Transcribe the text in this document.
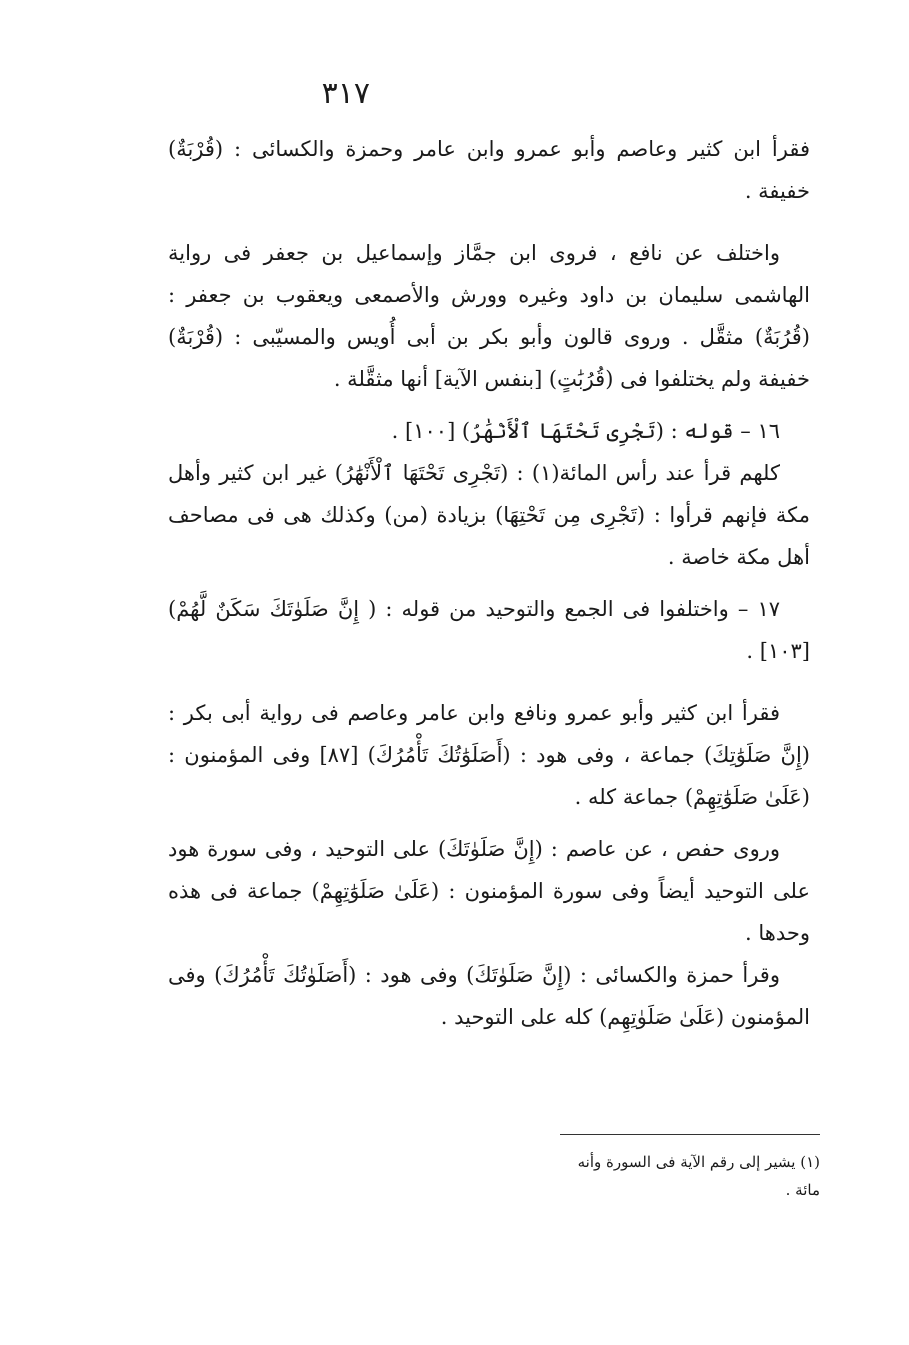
٣١٧

فقرأ ابن كثير وعاصم وأبو عمرو وابن عامر وحمزة والكسائى : (قُرْبَةٌ) خفيفة .

واختلف عن نافع ، فروى ابن جمَّاز وإسماعيل بن جعفر فى رواية الهاشمى سليمان بن داود وغيره وورش والأصمعى ويعقوب بن جعفر : (قُرُبَةٌ) مثقَّل . وروى قالون وأبو بكر بن أبى أُويس والمسيّبى : (قُرْبَةٌ) خفيفة ولم يختلفوا فى (قُرُبَٰتٍ) [بنفس الآية] أنها مثقَّلة .

١٦ – قوله : (تَجْرِى تَحْتَهَا ٱلْأَنْهَٰرُ) [١٠٠] .

كلهم قرأ عند رأس المائة(١) : (تَجْرِى تَحْتَهَا ٱلْأَنْهَٰرُ) غير ابن كثير وأهل مكة فإنهم قرأوا : (تَجْرِى مِن تَحْتِهَا) بزيادة (من) وكذلك هى فى مصاحف أهل مكة خاصة .

١٧ – واختلفوا فى الجمع والتوحيد من قوله : ( إِنَّ صَلَوٰتَكَ سَكَنٌ لَّهُمْ) [١٠٣] .

فقرأ ابن كثير وأبو عمرو ونافع وابن عامر وعاصم فى رواية أبى بكر : (إِنَّ صَلَوَٰتِكَ) جماعة ، وفى هود : (أَصَلَوَٰتُكَ تَأْمُرُكَ) [٨٧] وفى المؤمنون : (عَلَىٰ صَلَوَٰتِهِمْ) جماعة كله .

وروى حفص ، عن عاصم : (إِنَّ صَلَوٰتَكَ) على التوحيد ، وفى سورة هود على التوحيد أيضاً وفى سورة المؤمنون : (عَلَىٰ صَلَوَٰتِهِمْ) جماعة فى هذه وحدها .

وقرأ حمزة والكسائى : (إِنَّ صَلَوٰتَكَ) وفى هود : (أَصَلَوٰتُكَ تَأْمُرُكَ) وفى المؤمنون (عَلَىٰ صَلَوٰتِهِم) كله على التوحيد .

(١) يشير إلى رقم الآية فى السورة وأنه

مائة .
